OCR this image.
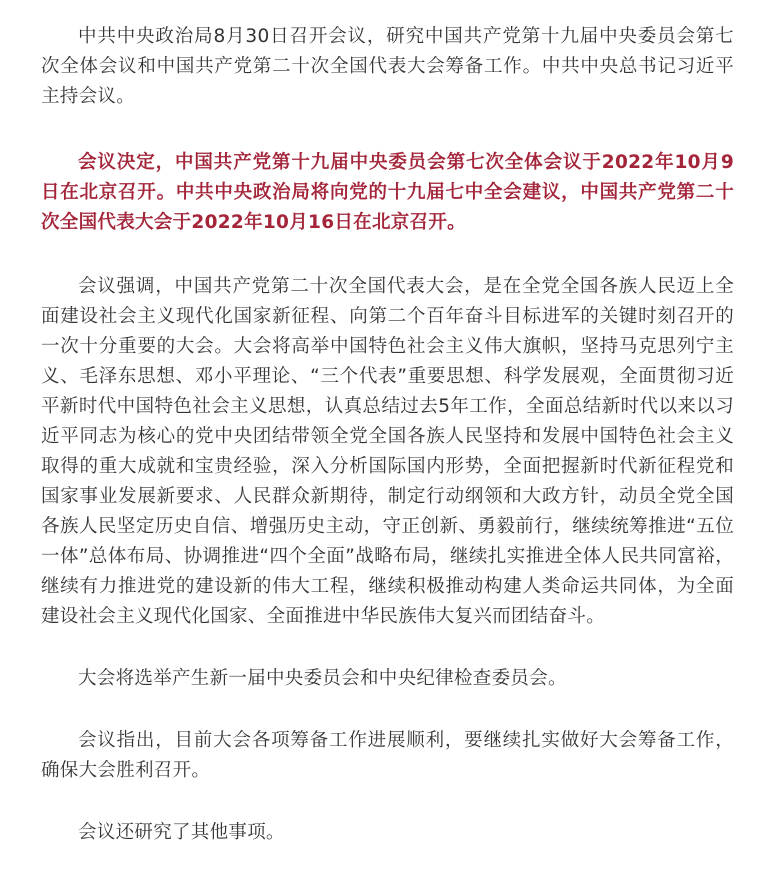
中共中央政治局8月30日召开会议，研究中国共产党第十九届中央委员会第七次全体会议和中国共产党第二十次全国代表大会筹备工作。中共中央总书记习近平主持会议。

会议决定，中国共产党第十九届中央委员会第七次全体会议于2022年10月9日在北京召开。中共中央政治局将向党的十九届七中全会建议，中国共产党第二十次全国代表大会于2022年10月16日在北京召开。

会议强调，中国共产党第二十次全国代表大会，是在全党全国各族人民迈上全面建设社会主义现代化国家新征程、向第二个百年奋斗目标进军的关键时刻召开的一次十分重要的大会。大会将高举中国特色社会主义伟大旗帜，坚持马克思列宁主义、毛泽东思想、邓小平理论、“三个代表”重要思想、科学发展观，全面贯彻习近平新时代中国特色社会主义思想，认真总结过去5年工作，全面总结新时代以来以习近平同志为核心的党中央团结带领全党全国各族人民坚持和发展中国特色社会主义取得的重大成就和宝贵经验，深入分析国际国内形势，全面把握新时代新征程党和国家事业发展新要求、人民群众新期待，制定行动纲领和大政方针，动员全党全国各族人民坚定历史自信、增强历史主动，守正创新、勇毅前行，继续统筹推进“五位一体”总体布局、协调推进“四个全面”战略布局，继续扎实推进全体人民共同富裕，继续有力推进党的建设新的伟大工程，继续积极推动构建人类命运共同体，为全面建设社会主义现代化国家、全面推进中华民族伟大复兴而团结奋斗。

大会将选举产生新一届中央委员会和中央纪律检查委员会。

会议指出，目前大会各项筹备工作进展顺利，要继续扎实做好大会筹备工作，确保大会胜利召开。

会议还研究了其他事项。
